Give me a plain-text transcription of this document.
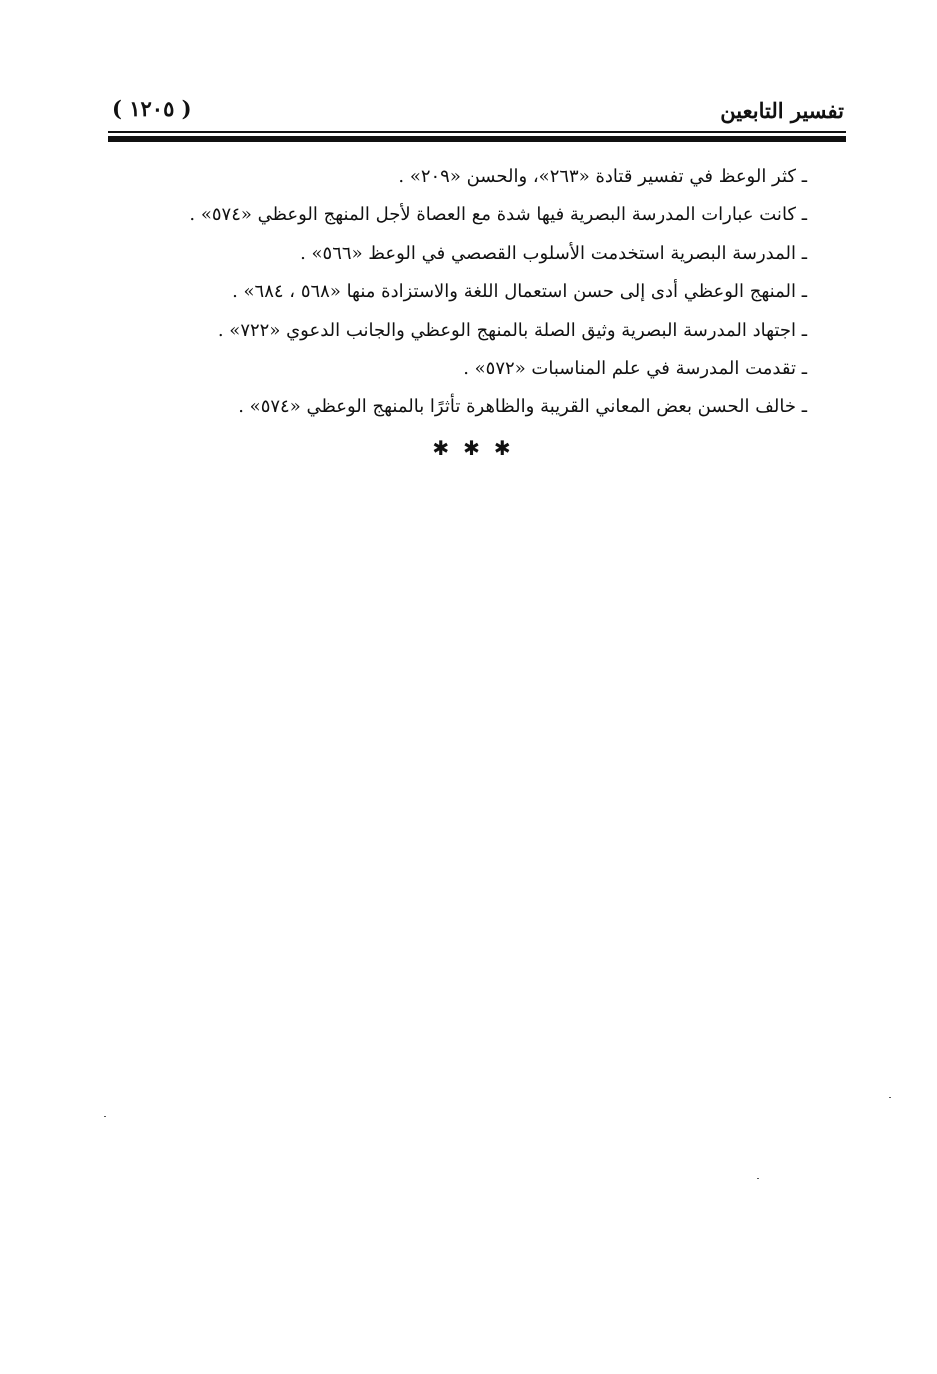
تفسير التابعين
( ١٢٠٥ )
ـ كثر الوعظ في تفسير قتادة «٢٦٣»، والحسن «٢٠٩» .
ـ كانت عبارات المدرسة البصرية فيها شدة مع العصاة لأجل المنهج الوعظي «٥٧٤» .
ـ المدرسة البصرية استخدمت الأسلوب القصصي في الوعظ «٥٦٦» .
ـ المنهج الوعظي أدى إلى حسن استعمال اللغة والاستزادة منها «٥٦٨ ، ٦٨٤» .
ـ اجتهاد المدرسة البصرية وثيق الصلة بالمنهج الوعظي والجانب الدعوي «٧٢٢» .
ـ تقدمت المدرسة في علم المناسبات «٥٧٢» .
ـ خالف الحسن بعض المعاني القريبة والظاهرة تأثرًا بالمنهج الوعظي «٥٧٤» .
✱✱✱
